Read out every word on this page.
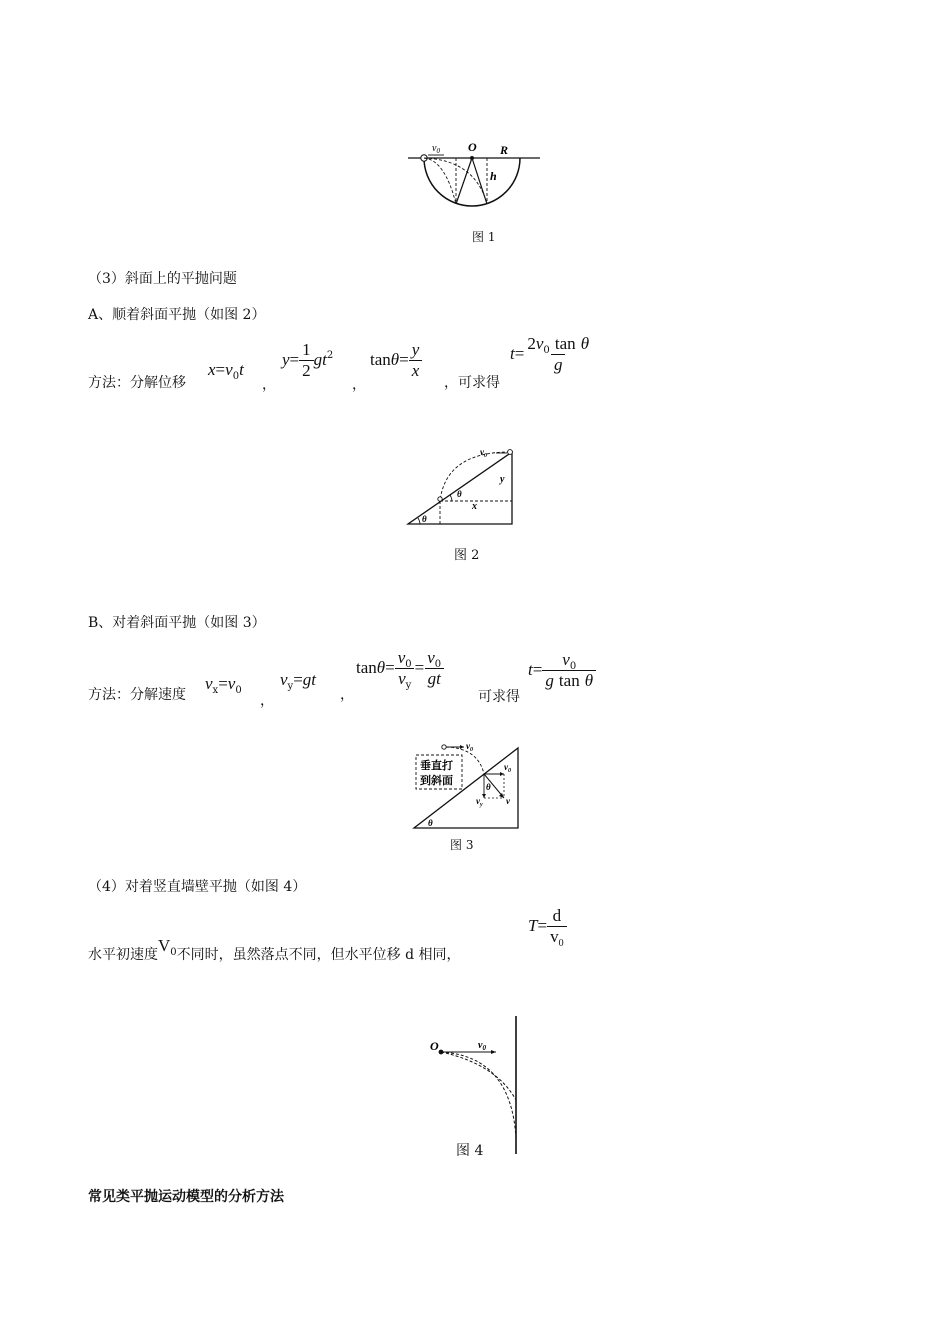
$v_0$ O R
h
图 1
（3）斜面上的平抛问题
A、顺着斜面平抛（如图 2）
方法：分解位移
$x=v_0t$
，
$y= \frac{1}{2} gt^2$
，
$\tan\theta= \frac{y}{x}$
，可求得
$t= \frac{2v_0 \tan \theta}{g}$
$v_0$
y
x
θ
θ
图 2
B、对着斜面平抛（如图 3）
方法：分解速度
$v_x=v_0$
，
$v_y=gt$
，
$\tan\theta= \frac{v_0}{v_y} = \frac{v_0}{gt}$
可求得
$t= \frac{v_0}{\text{g tan θ}}$
垂直打
到斜面
$v_0$
$v_0$
θ
$v_y$	v
θ
图 3
（4）对着竖直墙壁平抛（如图 4）
水平初速度$V_0$不同时，虽然落点不同，但水平位移 d 相同，
$T= \frac{d}{v_0}$
O	$v_0$
图 4
常见类平抛运动模型的分析方法
